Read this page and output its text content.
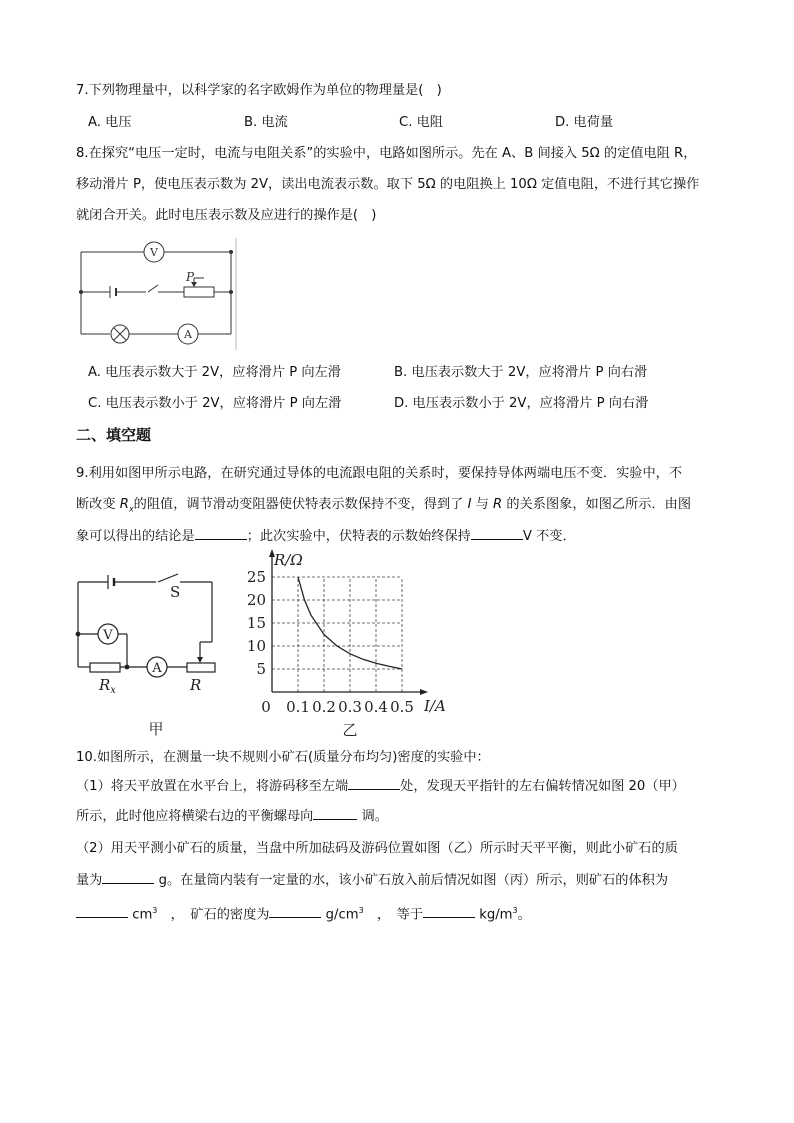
7.下列物理量中，以科学家的名字欧姆作为单位的物理量是(　)
A. 电压	B. 电流	C. 电阻	D. 电荷量
8.在探究“电压一定时，电流与电阻关系”的实验中，电路如图所示。先在 A、B 间接入 5Ω 的定值电阻 R，
移动滑片 P，使电压表示数为 2V，读出电流表示数。取下 5Ω 的电阻换上 10Ω 定值电阻，不进行其它操作
就闭合开关。此时电压表示数及应进行的操作是(　)
V
A
P
A. 电压表示数大于 2V，应将滑片 P 向左滑	B. 电压表示数大于 2V，应将滑片 P 向右滑
C. 电压表示数小于 2V，应将滑片 P 向左滑	D. 电压表示数小于 2V，应将滑片 P 向右滑
二、填空题
9.利用如图甲所示电路，在研究通过导体的电流跟电阻的关系时，要保持导体两端电压不变．实验中，不
断改变 $R_x$的阻值，调节滑动变阻器使伏特表示数保持不变，得到了 I 与 R 的关系图象，如图乙所示．由图
象可以得出的结论是	；此次实验中，伏特表的示数始终保持	V 不变．
S
V
A
$R_x$	R
甲
0 0.1 0.2 0.3 0.4 0.5
5
10
15
20
25
R/Ω
I/A
乙
10.如图所示，在测量一块不规则小矿石(质量分布均匀)密度的实验中：
（1）将天平放置在水平台上，将游码移至左端	处，发现天平指针的左右偏转情况如图 20（甲）
所示，此时他应将横梁右边的平衡螺母向	调。
（2）用天平测小矿石的质量，当盘中所加砝码及游码位置如图（乙）所示时天平平衡，则此小矿石的质
量为	g。在量筒内装有一定量的水，该小矿石放入前后情况如图（丙）所示，则矿石的体积为
$cm^3$　，　矿石的密度为	$g/cm^3$　，　等于	$kg/m^3$。
